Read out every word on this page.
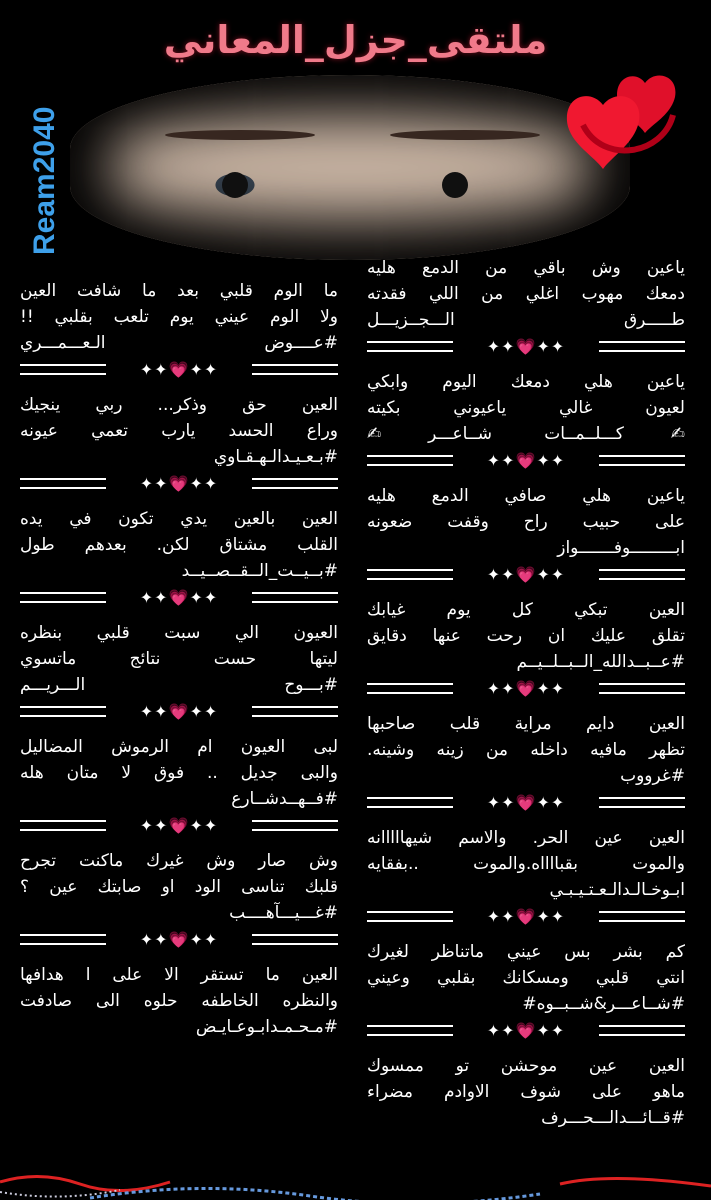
ملتقى_جزل_المعاني
Ream2040
ياعين وش باقي من الدمع هليه
دمعك مهوب اغلي من اللي فقدته
طـــــرق الـــجــزيـــل
✦✦💗✦✦
ياعين هلي دمعك اليوم وابكي
لعيون غالي ياعيوني بكيته
✍كـــلــمــات شــاعـــر✍
✦✦💗✦✦
ياعين هلي صافي الدمع هليه
على حبيب راح وقفت ضعونه
ابـــــــــوفـــــــواز
✦✦💗✦✦
العين تبكي كل يوم غيابك
تقلق عليك ان رحت عنها دقايق
#عــبــدالله_الــبــلــيــم
✦✦💗✦✦
العين دايم مراية قلب صاحبها
تظهر مافيه داخله من زينه وشينه.
#غرووب
✦✦💗✦✦
العين عين الحر. والاسم شيهااااانه
والموت بقبااااه.والموت ..بفقايه
ابـوخـالـدالـعـتـيـبـي
✦✦💗✦✦
كم بشر بس عيني ماتناظر لغيرك
انتي قلبي ومسكانك بقلبي وعيني
#شــاعـــر&شــبــوه#
✦✦💗✦✦
العين عين موحشن تو ممسوك
ماهو على شوف الاوادم مضراء
#قــائـــدالـــحـــرف
ما الوم قلبي بعد ما شافت العين
ولا الوم عيني يوم تلعب بقلبي !!
#عــــوض الـعـــمـــري
✦✦💗✦✦
العين حق وذكر... ربي ينجيك
وراع الحسد يارب تعمي عيونه
#بـعـيـدالـهـقـاوي
✦✦💗✦✦
العين بالعين يدي تكون في يده
القلب مشتاق لكن. بعدهم طول
#بــيــت_الــقــصــيــد
✦✦💗✦✦
العيون الي سبت قلبي بنظره
ليتها حست نتائج ماتسوي
#بـــوح الـــريـــم
✦✦💗✦✦
لبى العيون ام الرموش المضاليل
والبى جديل .. فوق لا متان هله
#فــهــدشــارع
✦✦💗✦✦
وش صار وش غيرك ماكنت تجرح
قلبك تناسى الود او صابتك عين ؟
#غـــيـــآهــــب
✦✦💗✦✦
العين ما تستقر الا على ا هدافها
والنظره الخاطفه حلوه الى صادفت
#مـحـمـدابـوعـايـض
